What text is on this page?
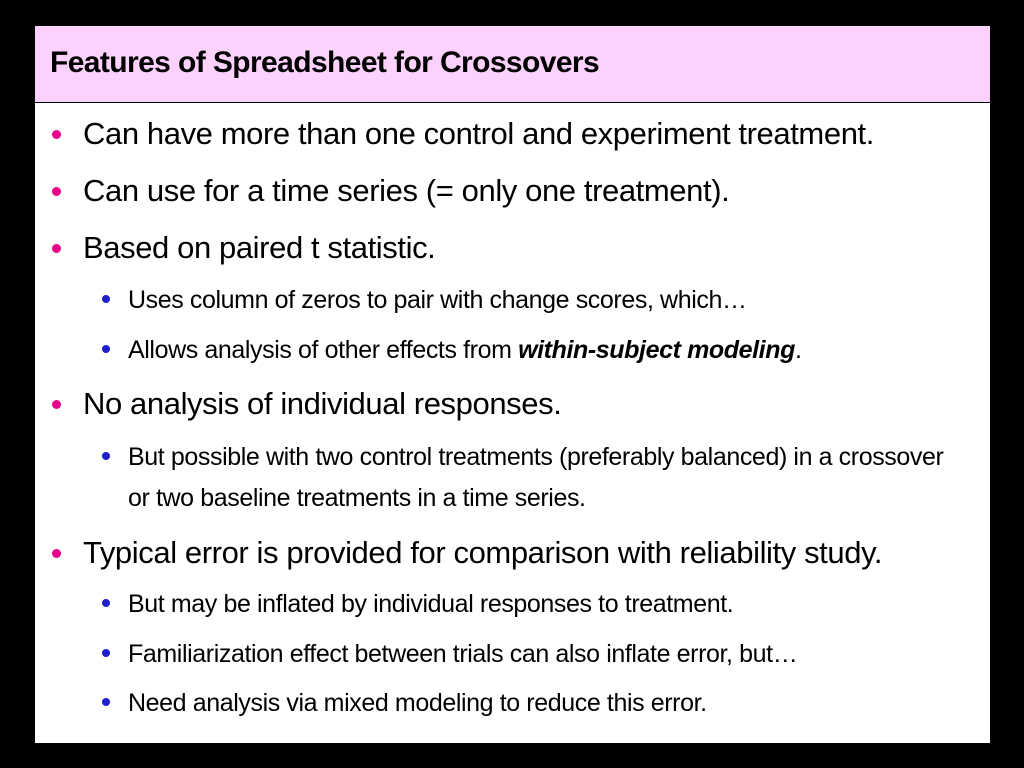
Features of Spreadsheet for Crossovers
Can have more than one control and experiment treatment.
Can use for a time series (= only one treatment).
Based on paired t statistic.
Uses column of zeros to pair with change scores, which…
Allows analysis of other effects from within-subject modeling.
No analysis of individual responses.
But possible with two control treatments (preferably balanced) in a crossover or two baseline treatments in a time series.
Typical error is provided for comparison with reliability study.
But may be inflated by individual responses to treatment.
Familiarization effect between trials can also inflate error, but…
Need analysis via mixed modeling to reduce this error.
